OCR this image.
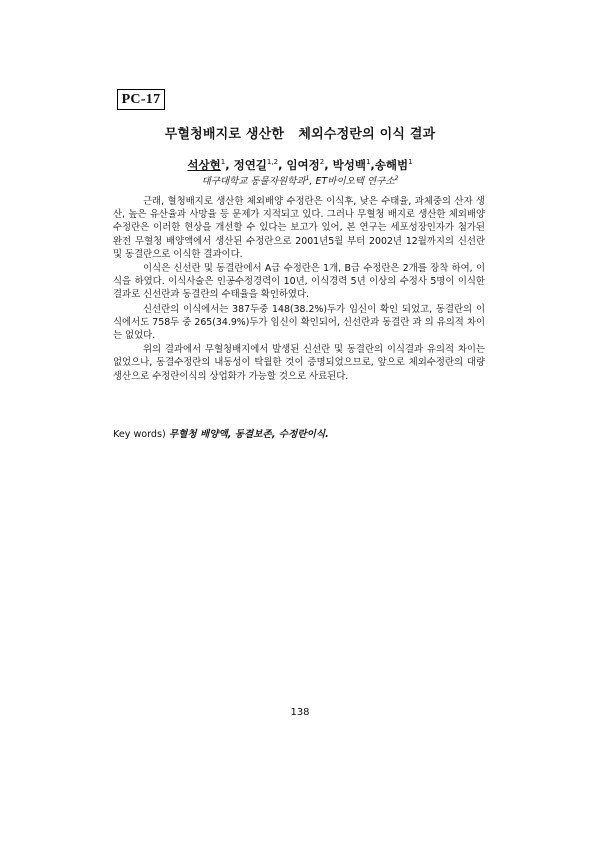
PC-17
무혈청배지로 생산한   체외수정란의 이식 결과
석상현$^1$, 정연길$^{1,2}$, 임여정$^2$, 박성백$^1$,송해범$^1$
대구대학교 동물자원학과$^1$, ET바이오텍 연구소$^2$

근래, 혈청배지로 생산한 체외배양 수정란은 이식후, 낮은 수태율, 과체중의 산자 생산, 높은 유산율과 사망율 등 문제가 지적되고 있다. 그러나 무혈청 배지로 생산한 체외배양 수정란은 이러한 현상을 개선할 수 있다는 보고가 있어, 본 연구는 세포성장인자가 첨가된 완전 무혈청 배양액에서 생산된 수정란으로 2001년5월 부터 2002년 12월까지의 신선란 및 동결란으로 이식한 결과이다.

이식은 신선란 및 동결란에서 A급 수정란은 1개, B급 수정란은 2개를 장착 하여, 이식을 하였다. 이식사술은 인공수정경력이 10년, 이식경력 5년 이상의 수정사 5명이 이식한 결과로 신선란과 동결란의 수태율을 확인하였다.

신선란의 이식에서는 387두중 148(38.2%)두가 임신이 확인 되었고, 동결란의 이식에서도 758두 중 265(34.9%)두가 임신이 확인되어, 신선란과 동결란 과 의 유의적 차이는 없었다.

위의 결과에서 무혈청배지에서 발생된 신선란 및 동결란의 이식결과 유의적 차이는 없었으나, 동결수정란의 내동성이 탁월한 것이 증명되었으므로, 앞으로 체외수정란의 대량생산으로 수정란이식의 상업화가 가능할 것으로 사료된다.

Key words) 무혈청 배양액, 동결보존, 수정란이식.
138
